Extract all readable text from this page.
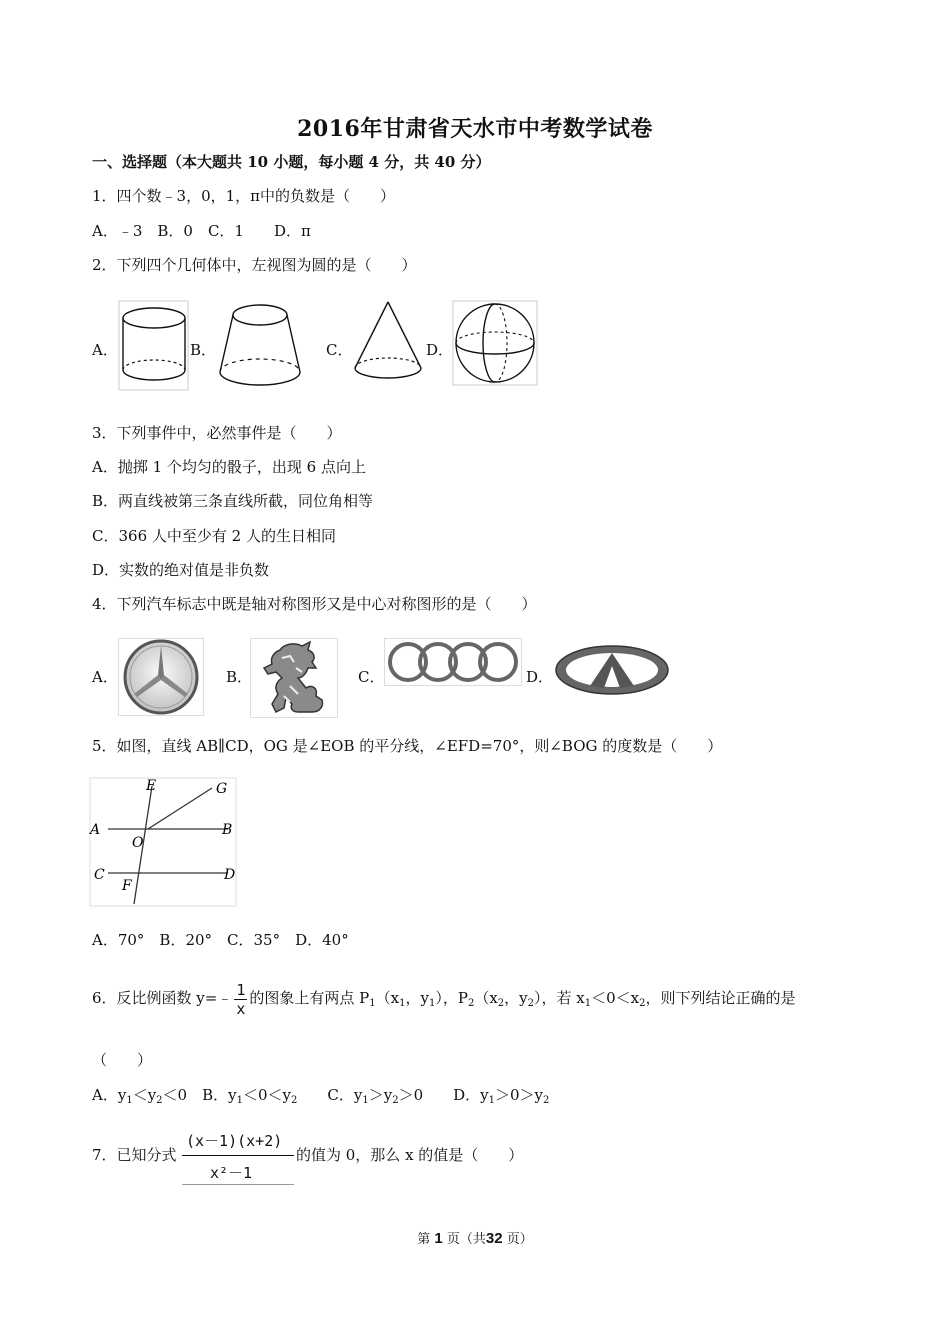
2016年甘肃省天水市中考数学试卷
一、选择题（本大题共 10 小题，每小题 4 分，共 40 分）
1．四个数﹣3，0，1，π中的负数是（　　）
A．﹣3　B．0　C．1　　D．π
2．下列四个几何体中，左视图为圆的是（　　）
A．	B．	C．	D．
3．下列事件中，必然事件是（　　）
A．抛掷 1 个均匀的骰子，出现 6 点向上
B．两直线被第三条直线所截，同位角相等
C．366 人中至少有 2 人的生日相同
D．实数的绝对值是非负数
4．下列汽车标志中既是轴对称图形又是中心对称图形的是（　　）
A．	B．	C．	D．
5．如图，直线 AB∥CD，OG 是∠EOB 的平分线，∠EFD=70°，则∠BOG 的度数是（　　）
E	G
A	B
O
C
F
D
A．70°　B．20°　C．35°　D．40°
6．反比例函数 y=﹣ $\frac{1}{x}$ 的图象上有两点 $P_1(x_1$，$y_1$），$P_2(x_2$，$y_2$），若 $x_1<0<x_2$，则下列结论正确的是
（　　）
A．$y_1<y_2<0$　B．$y_1<0<y_2$　　 C．$y_1>y_2>0$　　D．$y_1>0>y_2$
7．已知分式
(x－1)(x+2)
x²－1
的值为 0，那么 x 的值是（　　）
第 1 页（共32 页）
